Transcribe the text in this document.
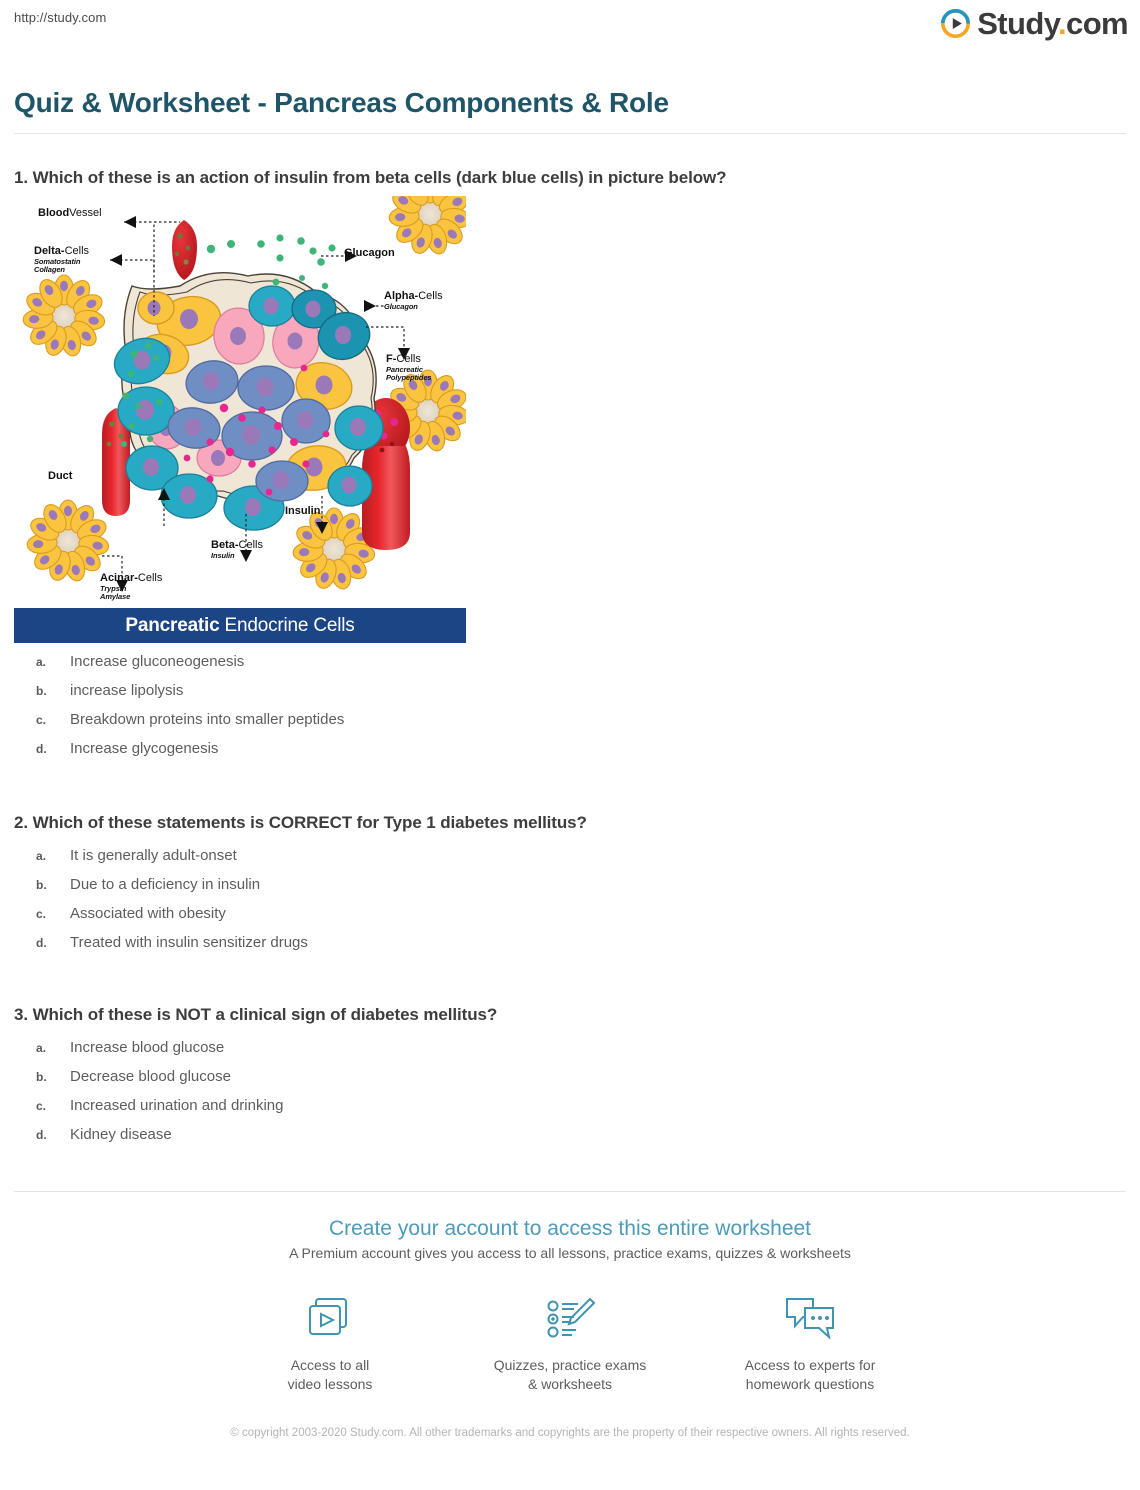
http://study.com	Study.com
Quiz & Worksheet - Pancreas Components & Role
1. Which of these is an action of insulin from beta cells (dark blue cells) in picture below?
BloodVessel
Delta-Cells
Somatostatin
Collagen
Glucagon
Alpha-Cells
Glucagon
F-Cells
Pancreatic
Polypeptides
Duct
Acinar-Cells
Trypsin
Amylase
Beta-Cells
Insulin
Insulin
Pancreatic Endocrine Cells
a.	Increase gluconeogenesis
b.	increase lipolysis
c.	Breakdown proteins into smaller peptides
d.	Increase glycogenesis
2. Which of these statements is CORRECT for Type 1 diabetes mellitus?
a.	It is generally adult-onset
b.	Due to a deficiency in insulin
c.	Associated with obesity
d.	Treated with insulin sensitizer drugs
3. Which of these is NOT a clinical sign of diabetes mellitus?
a.	Increase blood glucose
b.	Decrease blood glucose
c.	Increased urination and drinking
d.	Kidney disease
Create your account to access this entire worksheet
A Premium account gives you access to all lessons, practice exams, quizzes & worksheets
Access to all
video lessons
Quizzes, practice exams
& worksheets
Access to experts for
homework questions
© copyright 2003-2020 Study.com. All other trademarks and copyrights are the property of their respective owners. All rights reserved.
